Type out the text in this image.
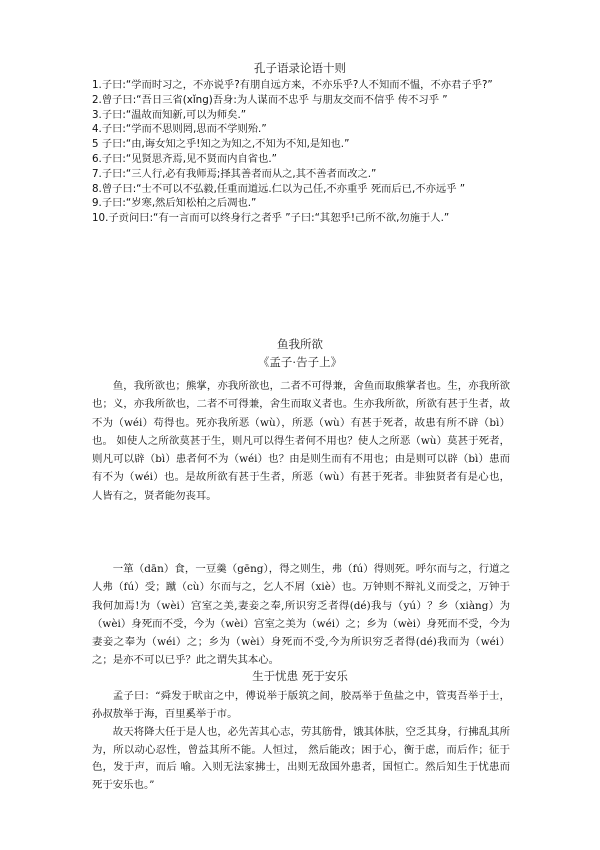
孔子语录论语十则

1.子曰:“学而时习之，不亦说乎?有朋自远方来，不亦乐乎?人不知而不愠，不亦君子乎?”

2.曾子曰:“吾日三省(xǐng)吾身:为人谋而不忠乎 与朋友交而不信乎 传不习乎 ”

3.子曰:“温故而知新,可以为师矣.”

4.子曰:“学而不思则罔,思而不学则殆.”

5 子曰:“由,诲女知之乎!知之为知之,不知为不知,是知也.”

6.子曰:“见贤思齐焉,见不贤而内自省也.”

7.子曰:“三人行,必有我师焉;择其善者而从之,其不善者而改之.”

8.曾子曰:“士不可以不弘毅,任重而道远.仁以为己任,不亦重乎 死而后已,不亦远乎 ”

9.子曰:“岁寒,然后知松柏之后凋也.”

10.子贡问曰:“有一言而可以终身行之者乎 ”子曰:“其恕乎!己所不欲,勿施于人.”

鱼我所欲
《孟子·告子上》

鱼，我所欲也；熊掌，亦我所欲也，二者不可得兼，舍鱼而取熊掌者也。生，亦我所欲也；义，亦我所欲也，二者不可得兼，舍生而取义者也。生亦我所欲，所欲有甚于生者，故不为（wéi）苟得也。死亦我所恶（wù），所恶（wù）有甚于死者，故患有所不辟（bì）也。 如使人之所欲莫甚于生，则凡可以得生者何不用也？使人之所恶（wù）莫甚于死者，则凡可以辟（bì）患者何不为（wéi）也？由是则生而有不用也；由是则可以辟（bì）患而有不为（wéi）也。是故所欲有甚于生者，所恶（wù）有甚于死者。非独贤者有是心也，人皆有之，贤者能勿丧耳。

一箪（dān）食，一豆羹（gēng），得之则生，弗（fú）得则死。呼尔而与之，行道之人弗（fú）受；蹴（cù）尔而与之，乞人不屑（xiè）也。万钟则不辩礼义而受之，万钟于我何加焉!为（wèi）宫室之美,妻妾之奉,所识穷乏者得(dé)我与（yú）？乡（xiàng）为（wèi）身死而不受，今为（wèi）宫室之美为（wéi）之；乡为（wèi）身死而不受，今为妻妾之奉为（wéi）之；乡为（wèi）身死而不受,今为所识穷乏者得(dé)我而为（wéi）之；是亦不可以已乎？此之谓失其本心。

生于忧患 死于安乐

孟子曰：“舜发于畎亩之中，傅说举于版筑之间，胶鬲举于鱼盐之中，管夷吾举于士，孙叔敖举于海，百里奚举于市。

故天将降大任于是人也，必先苦其心志，劳其筋骨，饿其体肤，空乏其身，行拂乱其所为，所以动心忍性，曾益其所不能。人恒过， 然后能改；困于心，衡于虑，而后作；征于色，发于声，而后 喻。入则无法家拂士，出则无敌国外患者，国恒亡。然后知生于忧患而死于安乐也。”
